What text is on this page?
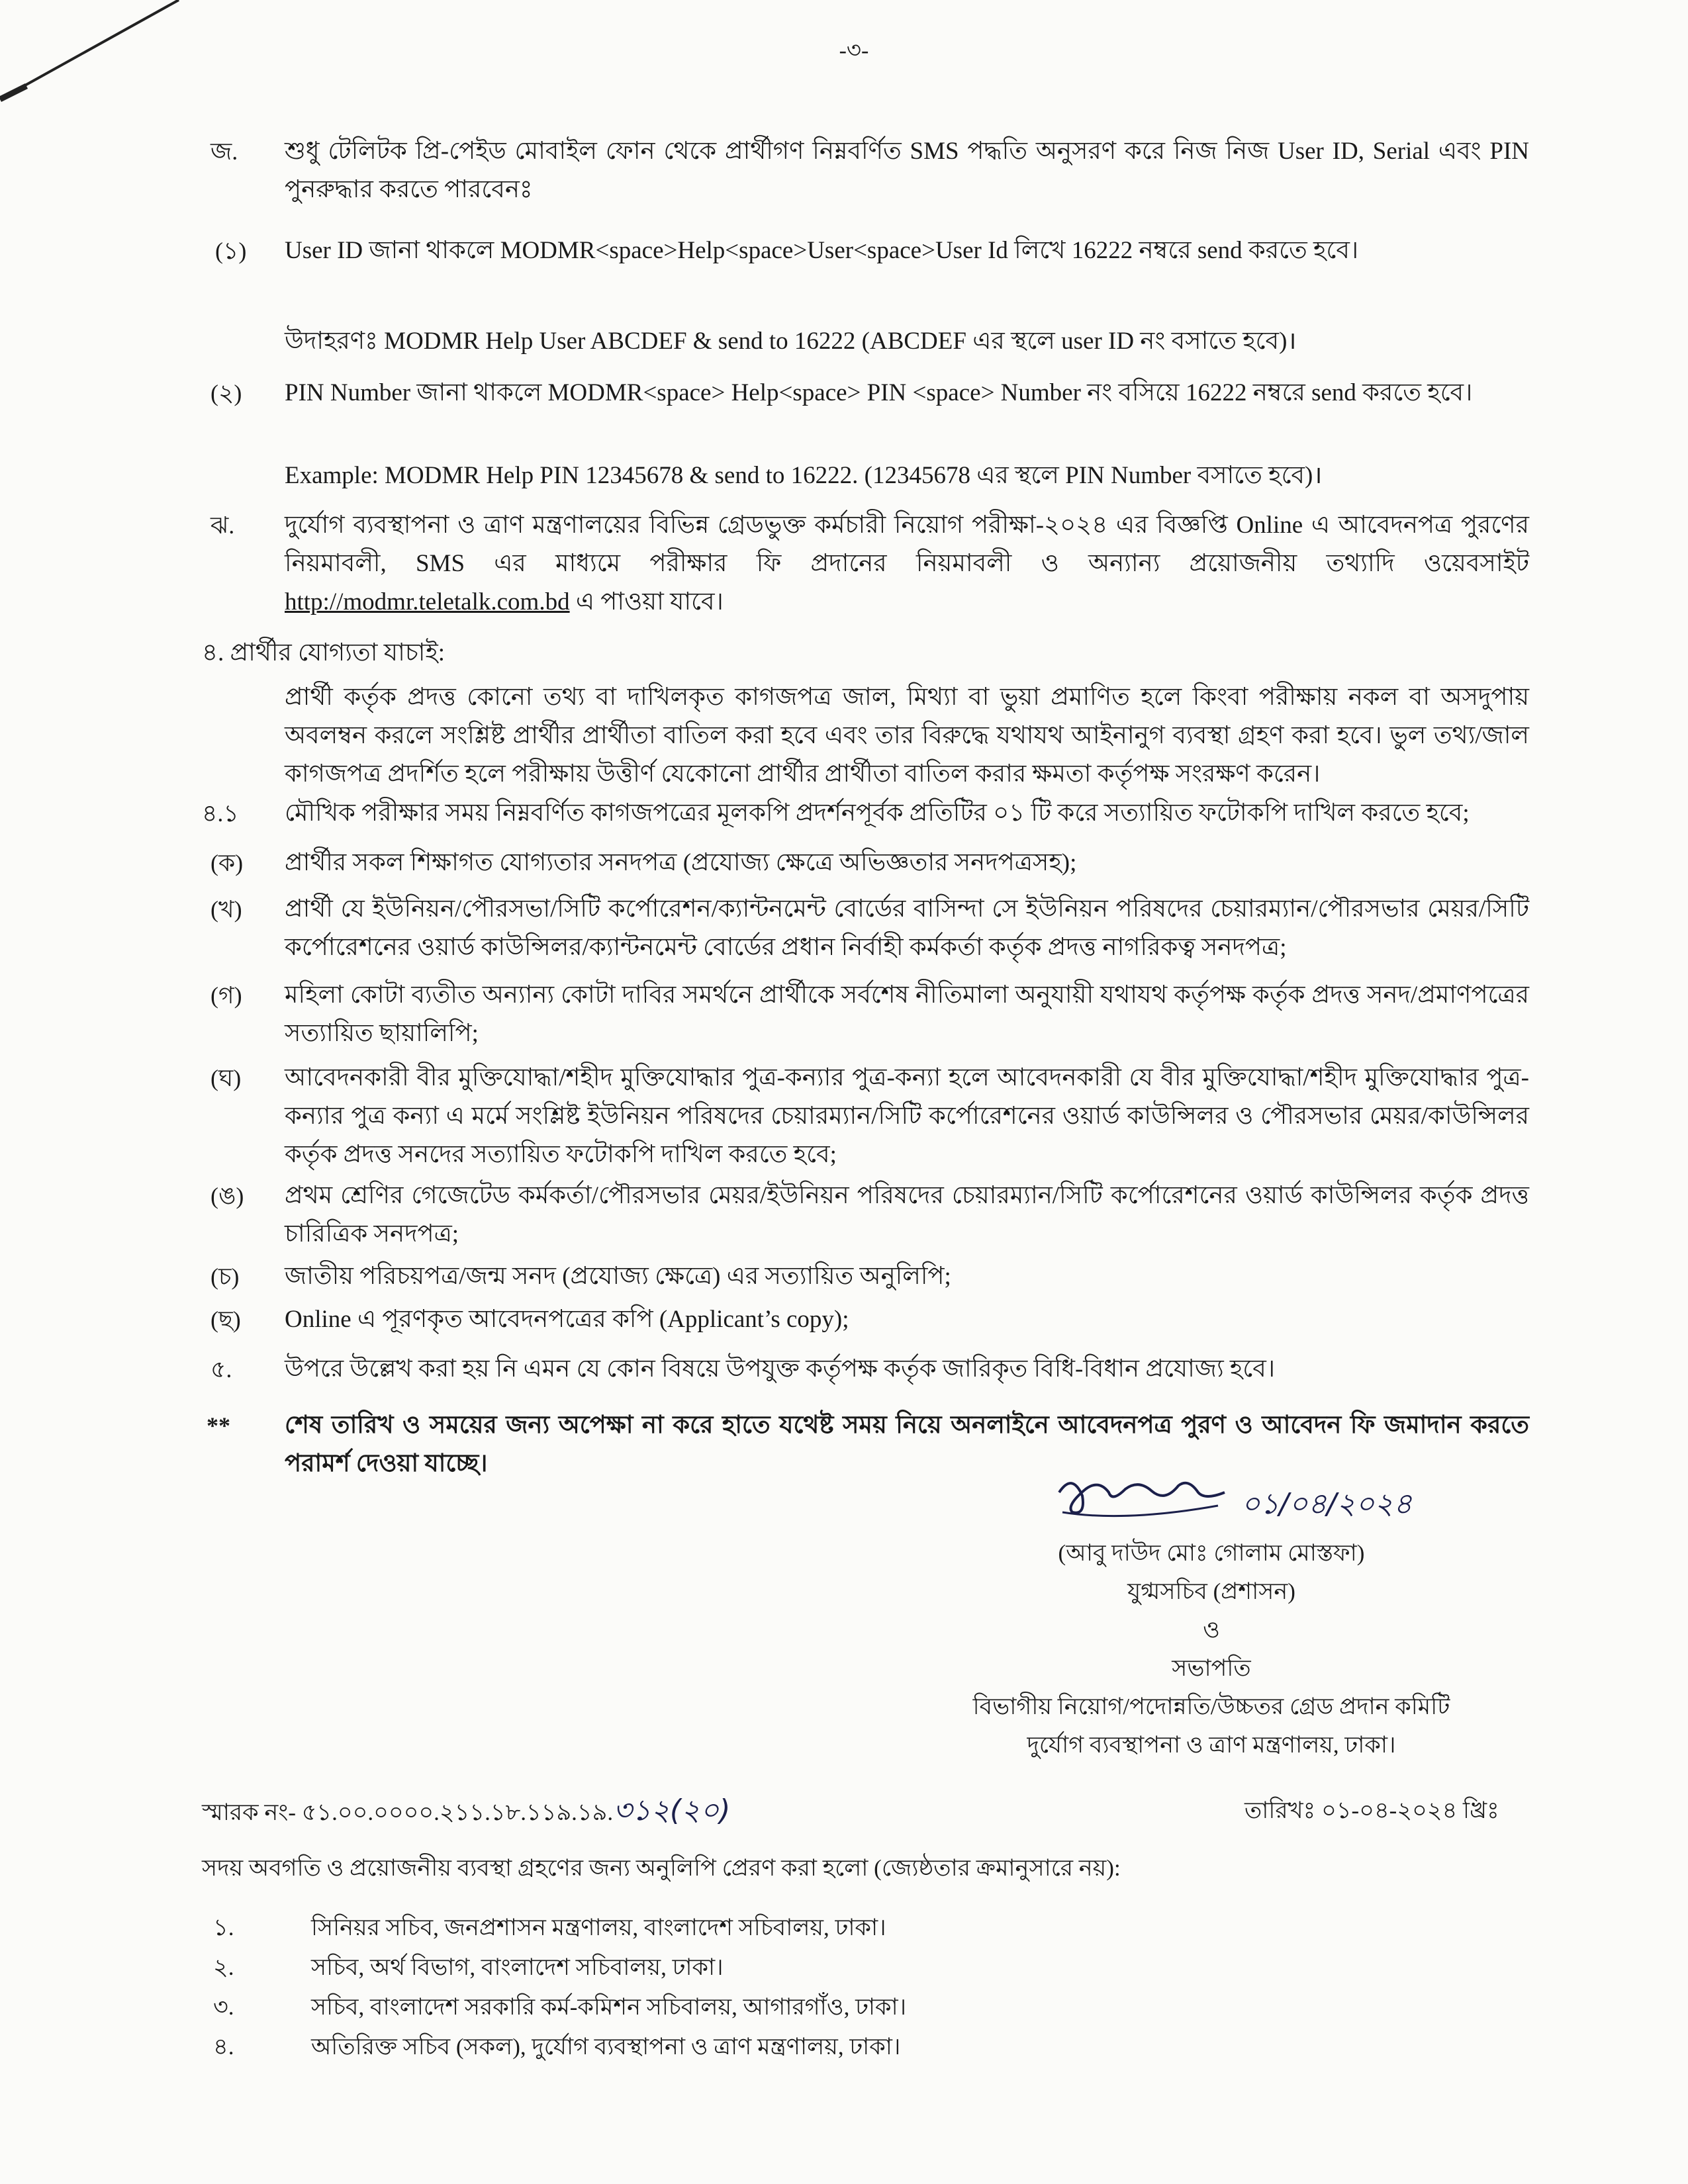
-৩-
জ. শুধু টেলিটক প্রি-পেইড মোবাইল ফোন থেকে প্রার্থীগণ নিম্নবর্ণিত SMS পদ্ধতি অনুসরণ করে নিজ নিজ User ID, Serial এবং PIN পুনরুদ্ধার করতে পারবেনঃ
(১) User ID জানা থাকলে MODMR<space>Help<space>User<space>User Id লিখে 16222 নম্বরে send করতে হবে।
উদাহরণঃ MODMR Help User ABCDEF & send to 16222 (ABCDEF এর স্থলে user ID নং বসাতে হবে)।
(২) PIN Number জানা থাকলে MODMR<space> Help<space> PIN <space> Number নং বসিয়ে 16222 নম্বরে send করতে হবে।
Example: MODMR Help PIN 12345678 & send to 16222. (12345678 এর স্থলে PIN Number বসাতে হবে)।
ঝ. দুর্যোগ ব্যবস্থাপনা ও ত্রাণ মন্ত্রণালয়ের বিভিন্ন গ্রেডভুক্ত কর্মচারী নিয়োগ পরীক্ষা-২০২৪ এর বিজ্ঞপ্তি Online এ আবেদনপত্র পুরণের নিয়মাবলী, SMS এর মাধ্যমে পরীক্ষার ফি প্রদানের নিয়মাবলী ও অন্যান্য প্রয়োজনীয় তথ্যাদি ওয়েবসাইট http://modmr.teletalk.com.bd এ পাওয়া যাবে।
৪. প্রার্থীর যোগ্যতা যাচাই:
প্রার্থী কর্তৃক প্রদত্ত কোনো তথ্য বা দাখিলকৃত কাগজপত্র জাল, মিথ্যা বা ভুয়া প্রমাণিত হলে কিংবা পরীক্ষায় নকল বা অসদুপায় অবলম্বন করলে সংশ্লিষ্ট প্রার্থীর প্রার্থীতা বাতিল করা হবে এবং তার বিরুদ্ধে যথাযথ আইনানুগ ব্যবস্থা গ্রহণ করা হবে। ভুল তথ্য/জাল কাগজপত্র প্রদর্শিত হলে পরীক্ষায় উত্তীর্ণ যেকোনো প্রার্থীর প্রার্থীতা বাতিল করার ক্ষমতা কর্তৃপক্ষ সংরক্ষণ করেন।
৪.১ মৌখিক পরীক্ষার সময় নিম্নবর্ণিত কাগজপত্রের মূলকপি প্রদর্শনপূর্বক প্রতিটির ০১ টি করে সত্যায়িত ফটোকপি দাখিল করতে হবে;
(ক) প্রার্থীর সকল শিক্ষাগত যোগ্যতার সনদপত্র (প্রযোজ্য ক্ষেত্রে অভিজ্ঞতার সনদপত্রসহ);
(খ) প্রার্থী যে ইউনিয়ন/পৌরসভা/সিটি কর্পোরেশন/ক্যান্টনমেন্ট বোর্ডের বাসিন্দা সে ইউনিয়ন পরিষদের চেয়ারম্যান/পৌরসভার মেয়র/সিটি কর্পোরেশনের ওয়ার্ড কাউন্সিলর/ক্যান্টনমেন্ট বোর্ডের প্রধান নির্বাহী কর্মকর্তা কর্তৃক প্রদত্ত নাগরিকত্ব সনদপত্র;
(গ) মহিলা কোটা ব্যতীত অন্যান্য কোটা দাবির সমর্থনে প্রার্থীকে সর্বশেষ নীতিমালা অনুযায়ী যথাযথ কর্তৃপক্ষ কর্তৃক প্রদত্ত সনদ/প্রমাণপত্রের সত্যায়িত ছায়ালিপি;
(ঘ) আবেদনকারী বীর মুক্তিযোদ্ধা/শহীদ মুক্তিযোদ্ধার পুত্র-কন্যার পুত্র-কন্যা হলে আবেদনকারী যে বীর মুক্তিযোদ্ধা/শহীদ মুক্তিযোদ্ধার পুত্র-কন্যার পুত্র কন্যা এ মর্মে সংশ্লিষ্ট ইউনিয়ন পরিষদের চেয়ারম্যান/সিটি কর্পোরেশনের ওয়ার্ড কাউন্সিলর ও পৌরসভার মেয়র/কাউন্সিলর কর্তৃক প্রদত্ত সনদের সত্যায়িত ফটোকপি দাখিল করতে হবে;
(ঙ) প্রথম শ্রেণির গেজেটেড কর্মকর্তা/পৌরসভার মেয়র/ইউনিয়ন পরিষদের চেয়ারম্যান/সিটি কর্পোরেশনের ওয়ার্ড কাউন্সিলর কর্তৃক প্রদত্ত চারিত্রিক সনদপত্র;
(চ) জাতীয় পরিচয়পত্র/জন্ম সনদ (প্রযোজ্য ক্ষেত্রে) এর সত্যায়িত অনুলিপি;
(ছ) Online এ পূরণকৃত আবেদনপত্রের কপি (Applicant’s copy);
৫. উপরে উল্লেখ করা হয় নি এমন যে কোন বিষয়ে উপযুক্ত কর্তৃপক্ষ কর্তৃক জারিকৃত বিধি-বিধান প্রযোজ্য হবে।
** শেষ তারিখ ও সময়ের জন্য অপেক্ষা না করে হাতে যথেষ্ট সময় নিয়ে অনলাইনে আবেদনপত্র পুরণ ও আবেদন ফি জমাদান করতে পরামর্শ দেওয়া যাচ্ছে।
০১/০৪/২০২৪
(আবু দাউদ মোঃ গোলাম মোস্তফা)
যুগ্মসচিব (প্রশাসন)
ও
সভাপতি
বিভাগীয় নিয়োগ/পদোন্নতি/উচ্চতর গ্রেড প্রদান কমিটি
দুর্যোগ ব্যবস্থাপনা ও ত্রাণ মন্ত্রণালয়, ঢাকা।
স্মারক নং- ৫১.০০.০০০০.২১১.১৮.১১৯.১৯.৩১২(২০)	তারিখঃ ০১-০৪-২০২৪ খ্রিঃ
সদয় অবগতি ও প্রয়োজনীয় ব্যবস্থা গ্রহণের জন্য অনুলিপি প্রেরণ করা হলো (জ্যেষ্ঠতার ক্রমানুসারে নয়):
১.	সিনিয়র সচিব, জনপ্রশাসন মন্ত্রণালয়, বাংলাদেশ সচিবালয়, ঢাকা।
২.	সচিব, অর্থ বিভাগ, বাংলাদেশ সচিবালয়, ঢাকা।
৩.	সচিব, বাংলাদেশ সরকারি কর্ম-কমিশন সচিবালয়, আগারগাঁও, ঢাকা।
৪.	অতিরিক্ত সচিব (সকল), দুর্যোগ ব্যবস্থাপনা ও ত্রাণ মন্ত্রণালয়, ঢাকা।
